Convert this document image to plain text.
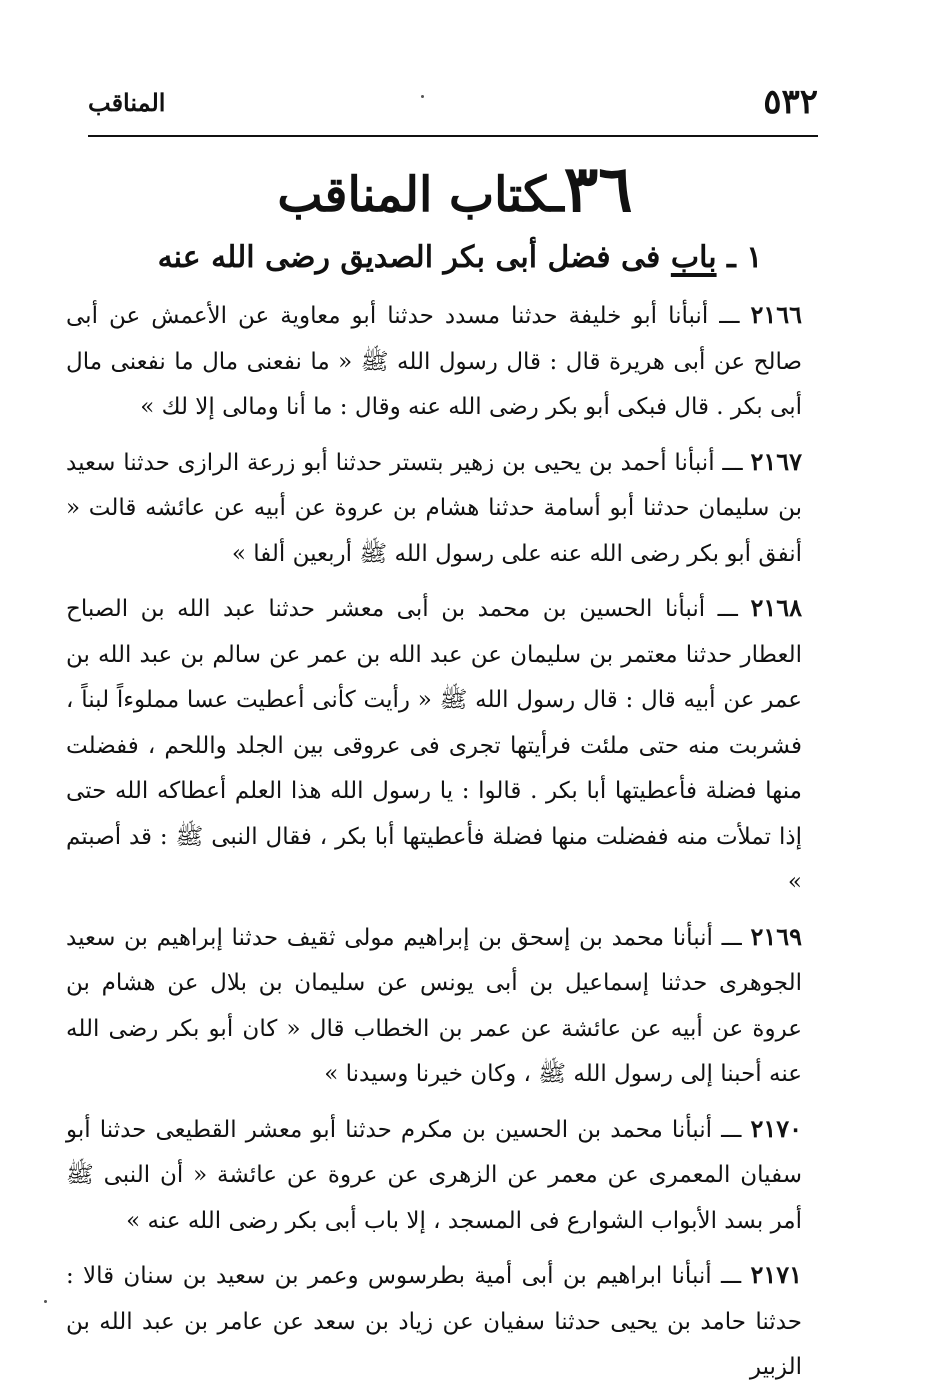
٥٣٢
المناقب
٣٦ـكتاب المناقب
١ ـ باب فى فضل أبى بكر الصديق رضى الله عنه

٢١٦٦ ـــ أنبأنا أبو خليفة حدثنا مسدد حدثنا أبو معاوية عن الأعمش عن أبى صالح عن أبى هريرة قال : قال رسول الله ﷺ « ما نفعنى مال ما نفعنى مال أبى بكر . قال فبكى أبو بكر رضى الله عنه وقال : ما أنا ومالى إلا لك »

٢١٦٧ ـــ أنبأنا أحمد بن يحيى بن زهير بتستر حدثنا أبو زرعة الرازى حدثنا سعيد بن سليمان حدثنا أبو أسامة حدثنا هشام بن عروة عن أبيه عن عائشه قالت « أنفق أبو بكر رضى الله عنه على رسول الله ﷺ أربعين ألفا »

٢١٦٨ ـــ أنبأنا الحسين بن محمد بن أبى معشر حدثنا عبد الله بن الصباح العطار حدثنا معتمر بن سليمان عن عبد الله بن عمر عن سالم بن عبد الله بن عمر عن أبيه قال : قال رسول الله ﷺ « رأيت كأنى أعطيت عسا مملوءاً لبناً ، فشربت منه حتى ملئت فرأيتها تجرى فى عروقى بين الجلد واللحم ، ففضلت منها فضلة فأعطيتها أبا بكر . قالوا : يا رسول الله هذا العلم أعطاكه الله حتى إذا تملأت منه ففضلت منها فضلة فأعطيتها أبا بكر ، فقال النبى ﷺ : قد أصبتم »

٢١٦٩ ـــ أنبأنا محمد بن إسحق بن إبراهيم مولى ثقيف حدثنا إبراهيم بن سعيد الجوهرى حدثنا إسماعيل بن أبى يونس عن سليمان بن بلال عن هشام بن عروة عن أبيه عن عائشة عن عمر بن الخطاب قال « كان أبو بكر رضى الله عنه أحبنا إلى رسول الله ﷺ ، وكان خيرنا وسيدنا »

٢١٧٠ ـــ أنبأنا محمد بن الحسين بن مكرم حدثنا أبو معشر القطيعى حدثنا أبو سفيان المعمرى عن معمر عن الزهرى عن عروة عن عائشة « أن النبى ﷺ أمر بسد الأبواب الشوارع فى المسجد ، إلا باب أبى بكر رضى الله عنه »

٢١٧١ ـــ أنبأنا ابراهيم بن أبى أمية بطرسوس وعمر بن سعيد بن سنان قالا : حدثنا حامد بن يحيى حدثنا سفيان عن زياد بن سعد عن عامر بن عبد الله بن الزبير
